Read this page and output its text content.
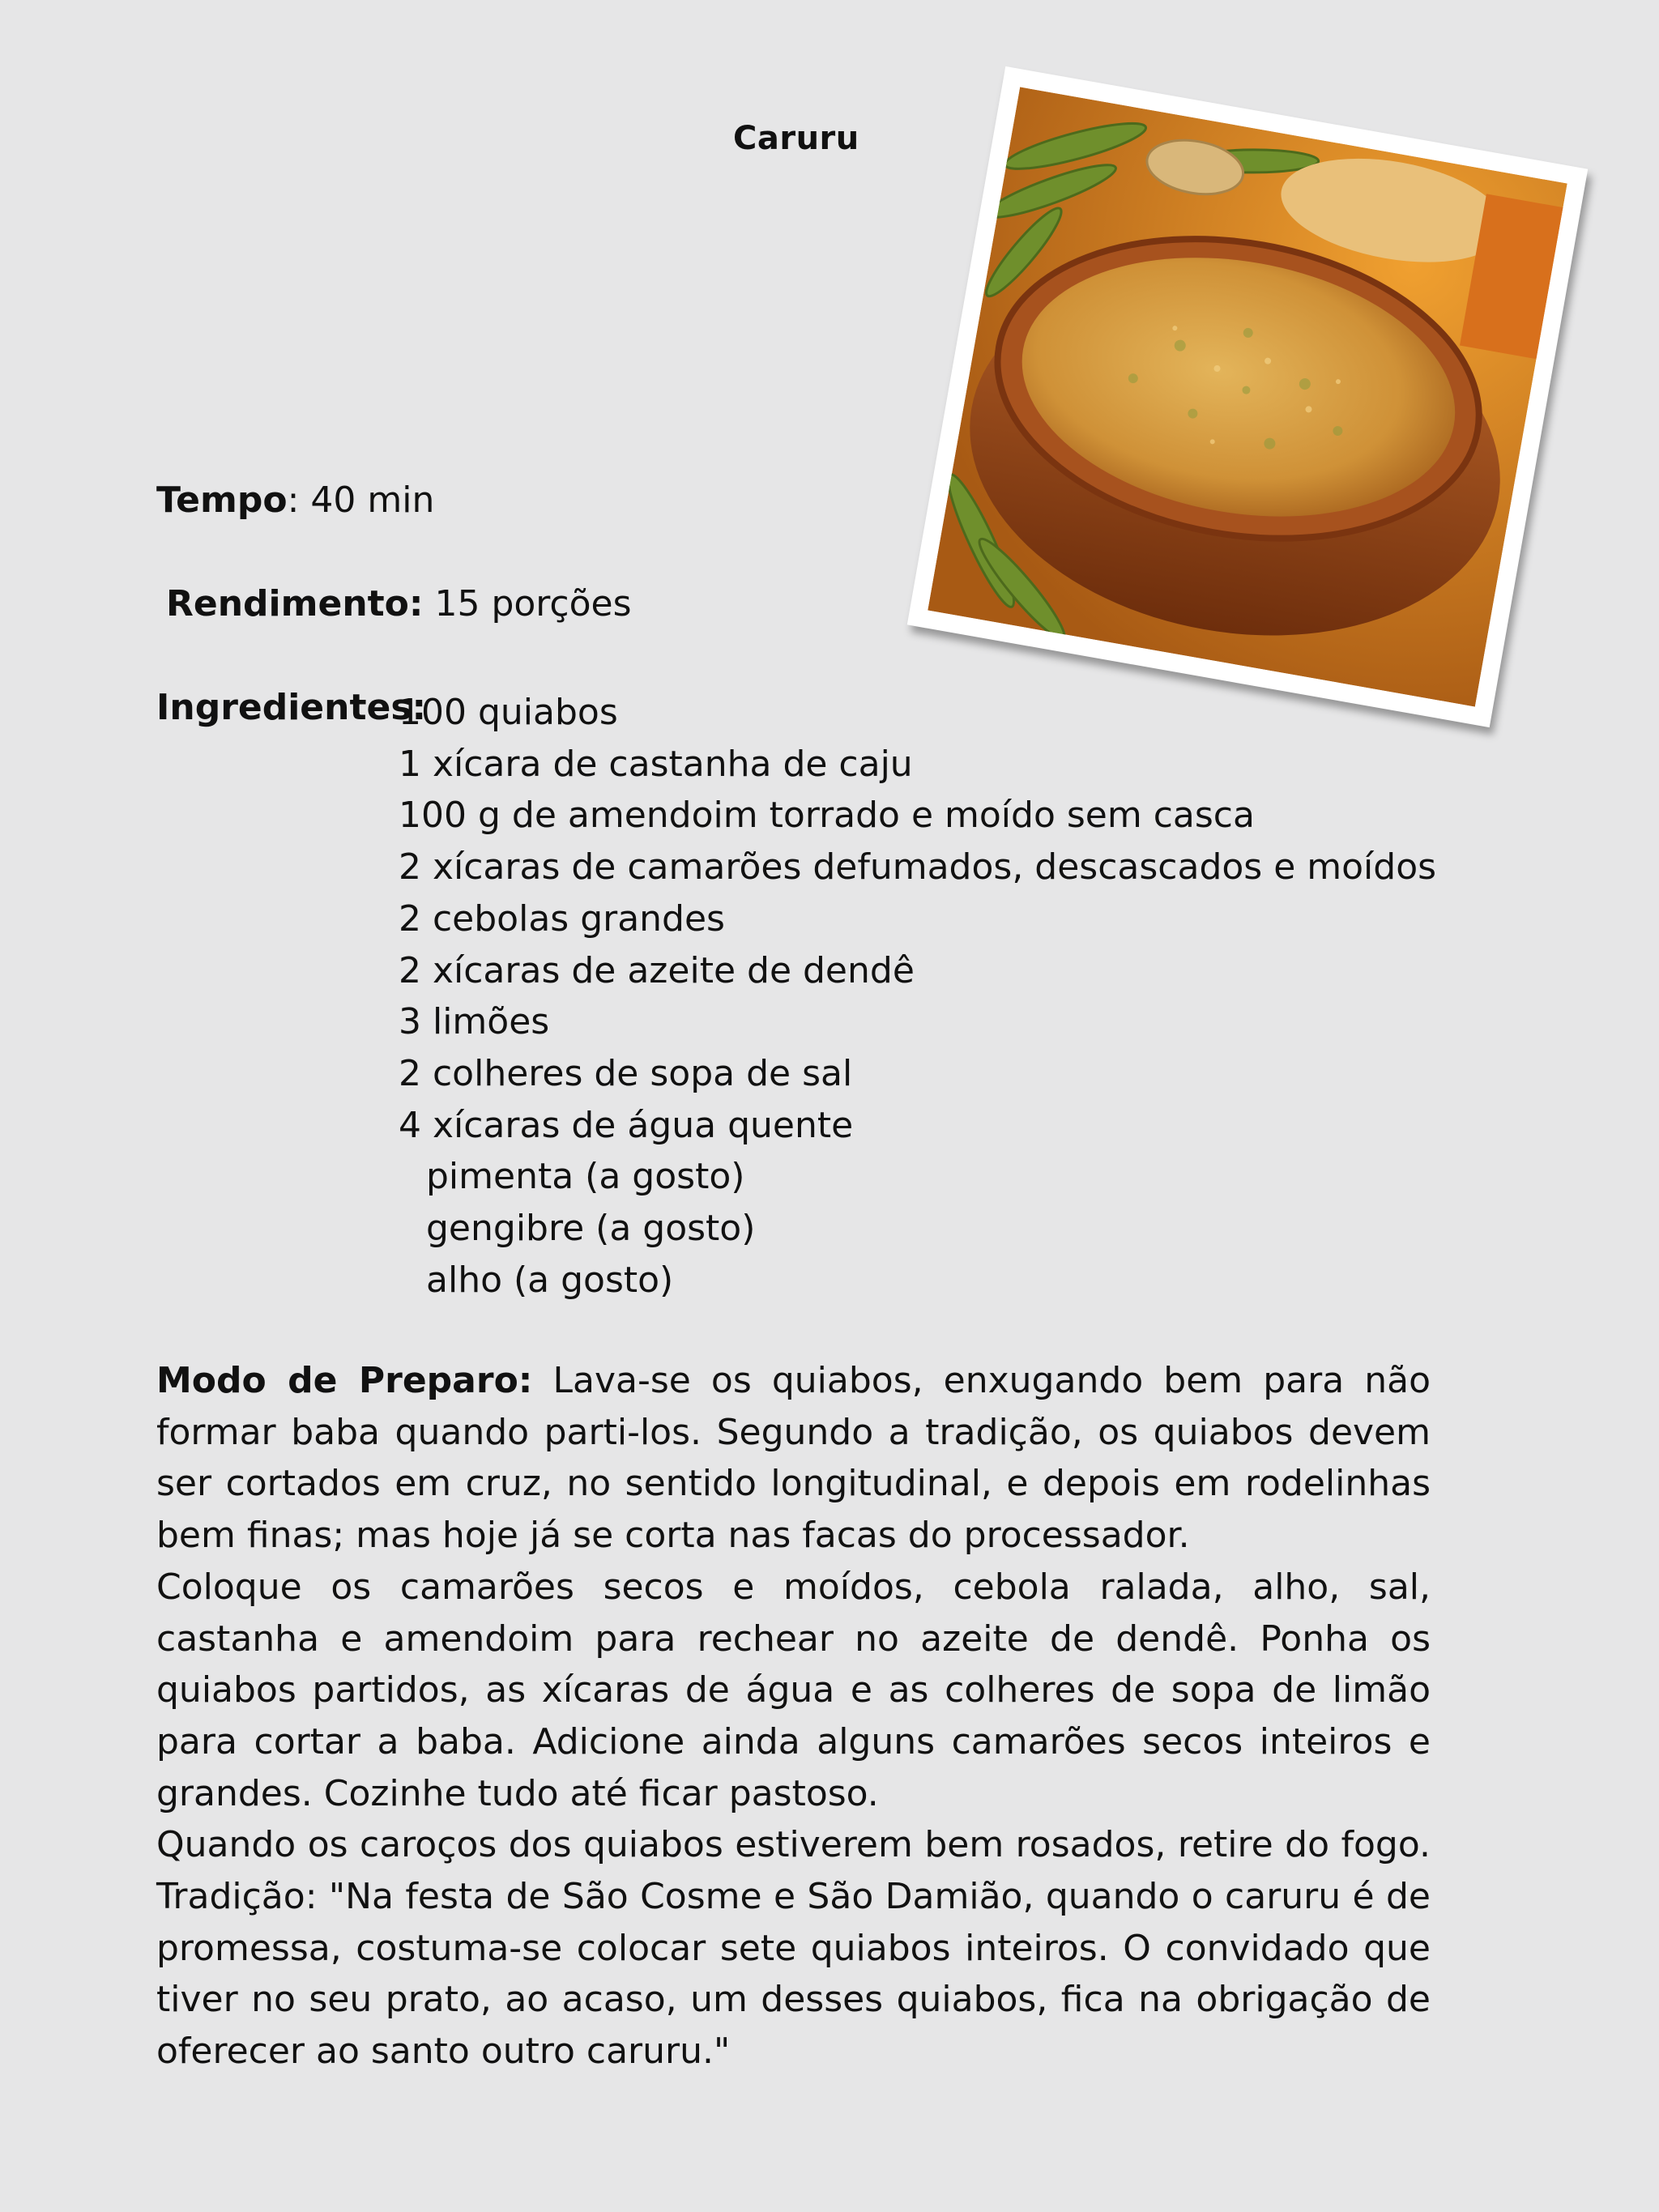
Caruru
Tempo: 40 min
Rendimento: 15 porções
Ingredientes:
100 quiabos
1 xícara de castanha de caju
100 g de amendoim torrado e moído sem casca
2 xícaras de camarões defumados, descascados e moídos
2 cebolas grandes
2 xícaras de azeite de dendê
3 limões
2 colheres de sopa de sal
4 xícaras de água quente
pimenta (a gosto)
gengibre (a gosto)
alho (a gosto)

Modo de Preparo: Lava-se os quiabos, enxugando bem para não formar baba quando parti-los. Segundo a tradição, os quiabos devem ser cortados em cruz, no sentido longitudinal, e depois em rodelinhas bem finas; mas hoje já se corta nas facas do processador.

Coloque os camarões secos e moídos, cebola ralada, alho, sal, castanha e amendoim para rechear no azeite de dendê. Ponha os quiabos partidos, as xícaras de água e as colheres de sopa de limão para cortar a baba. Adicione ainda alguns camarões secos inteiros e grandes. Cozinhe tudo até ficar pastoso.

Quando os caroços dos quiabos estiverem bem rosados, retire do fogo. Tradição: "Na festa de São Cosme e São Damião, quando o caruru é de promessa, costuma-se colocar sete quiabos inteiros. O convidado que tiver no seu prato, ao acaso, um desses quiabos, fica na obrigação de oferecer ao santo outro caruru."
